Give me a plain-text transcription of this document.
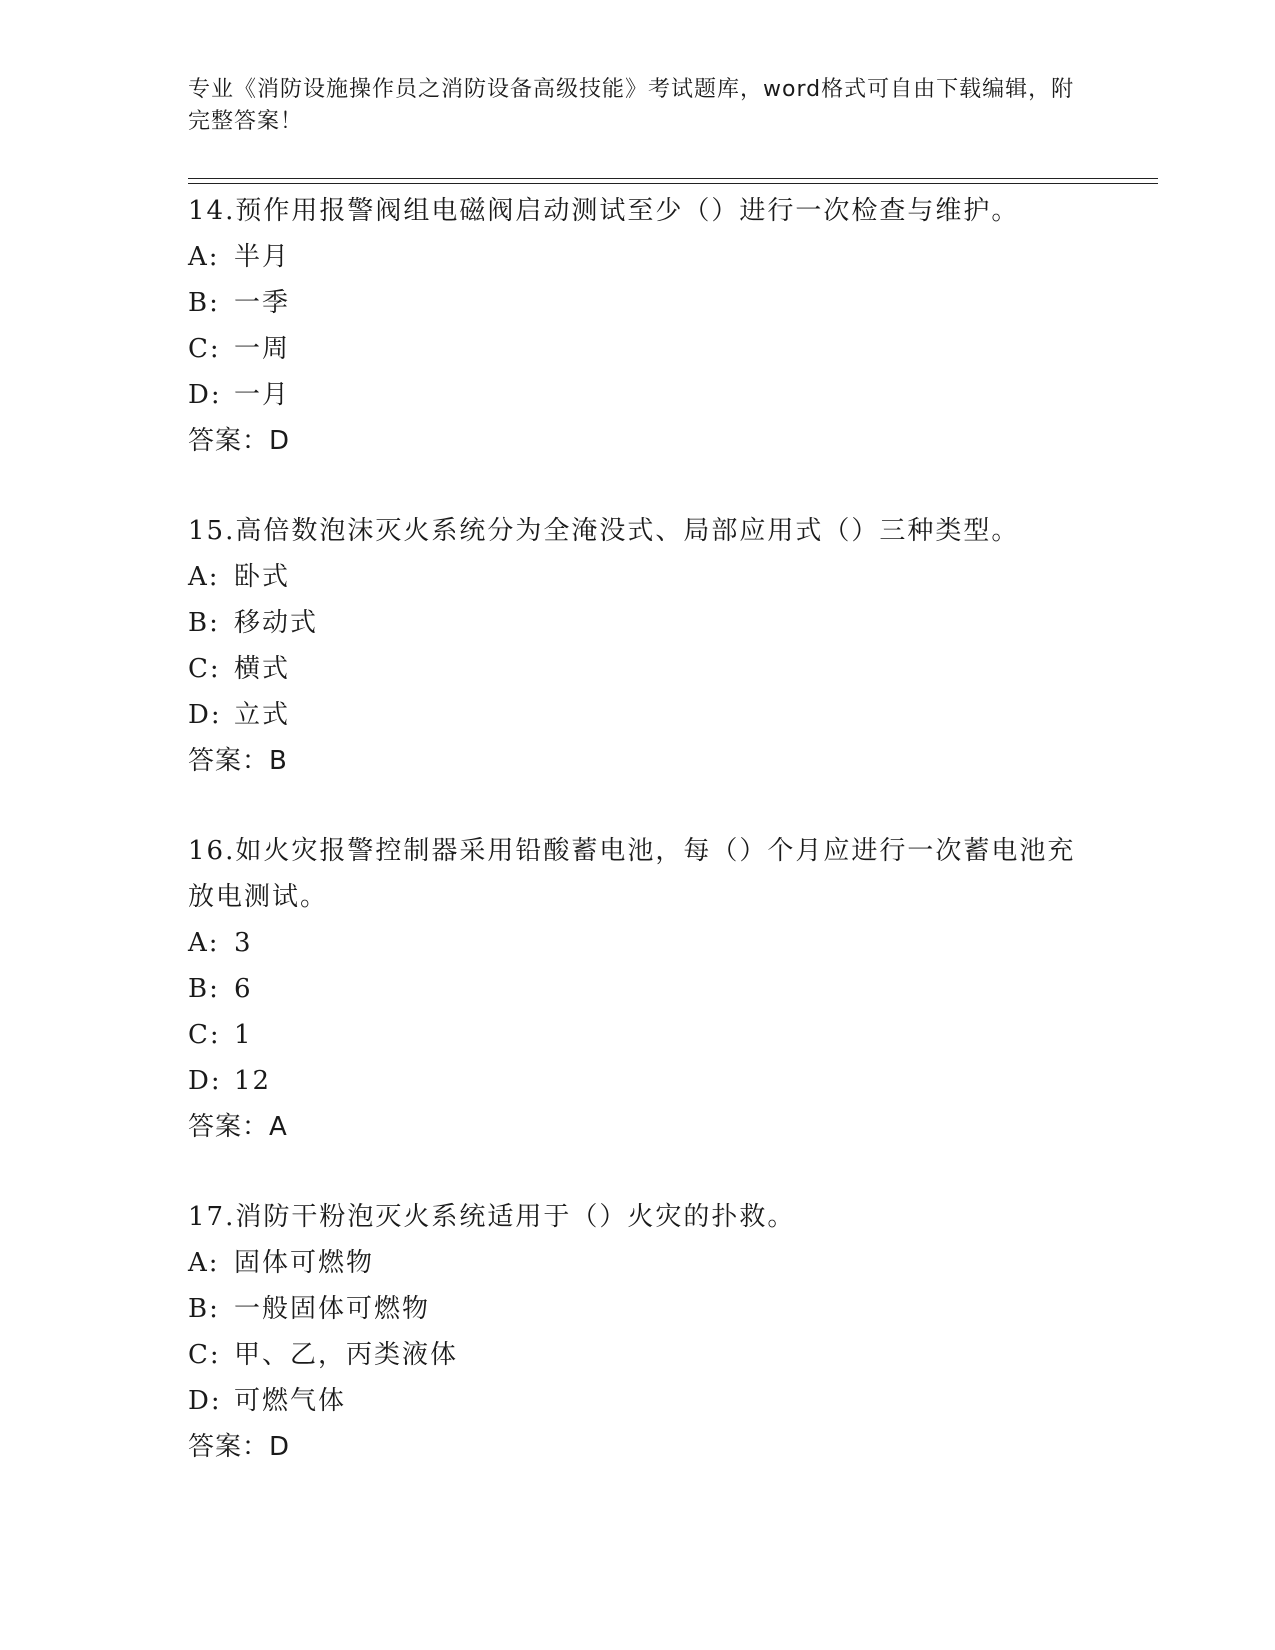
专业《消防设施操作员之消防设备高级技能》考试题库，word格式可自由下载编辑，附完整答案！

14.预作用报警阀组电磁阀启动测试至少（）进行一次检查与维护。

A: 半月

B: 一季

C: 一周

D: 一月

答案：D

15.高倍数泡沫灭火系统分为全淹没式、局部应用式（）三种类型。

A: 卧式

B: 移动式

C: 横式

D: 立式

答案：B

16.如火灾报警控制器采用铅酸蓄电池，每（）个月应进行一次蓄电池充放电测试。

A: 3

B: 6

C: 1

D: 12

答案：A

17.消防干粉泡灭火系统适用于（）火灾的扑救。

A: 固体可燃物

B: 一般固体可燃物

C: 甲、乙，丙类液体

D: 可燃气体

答案：D
